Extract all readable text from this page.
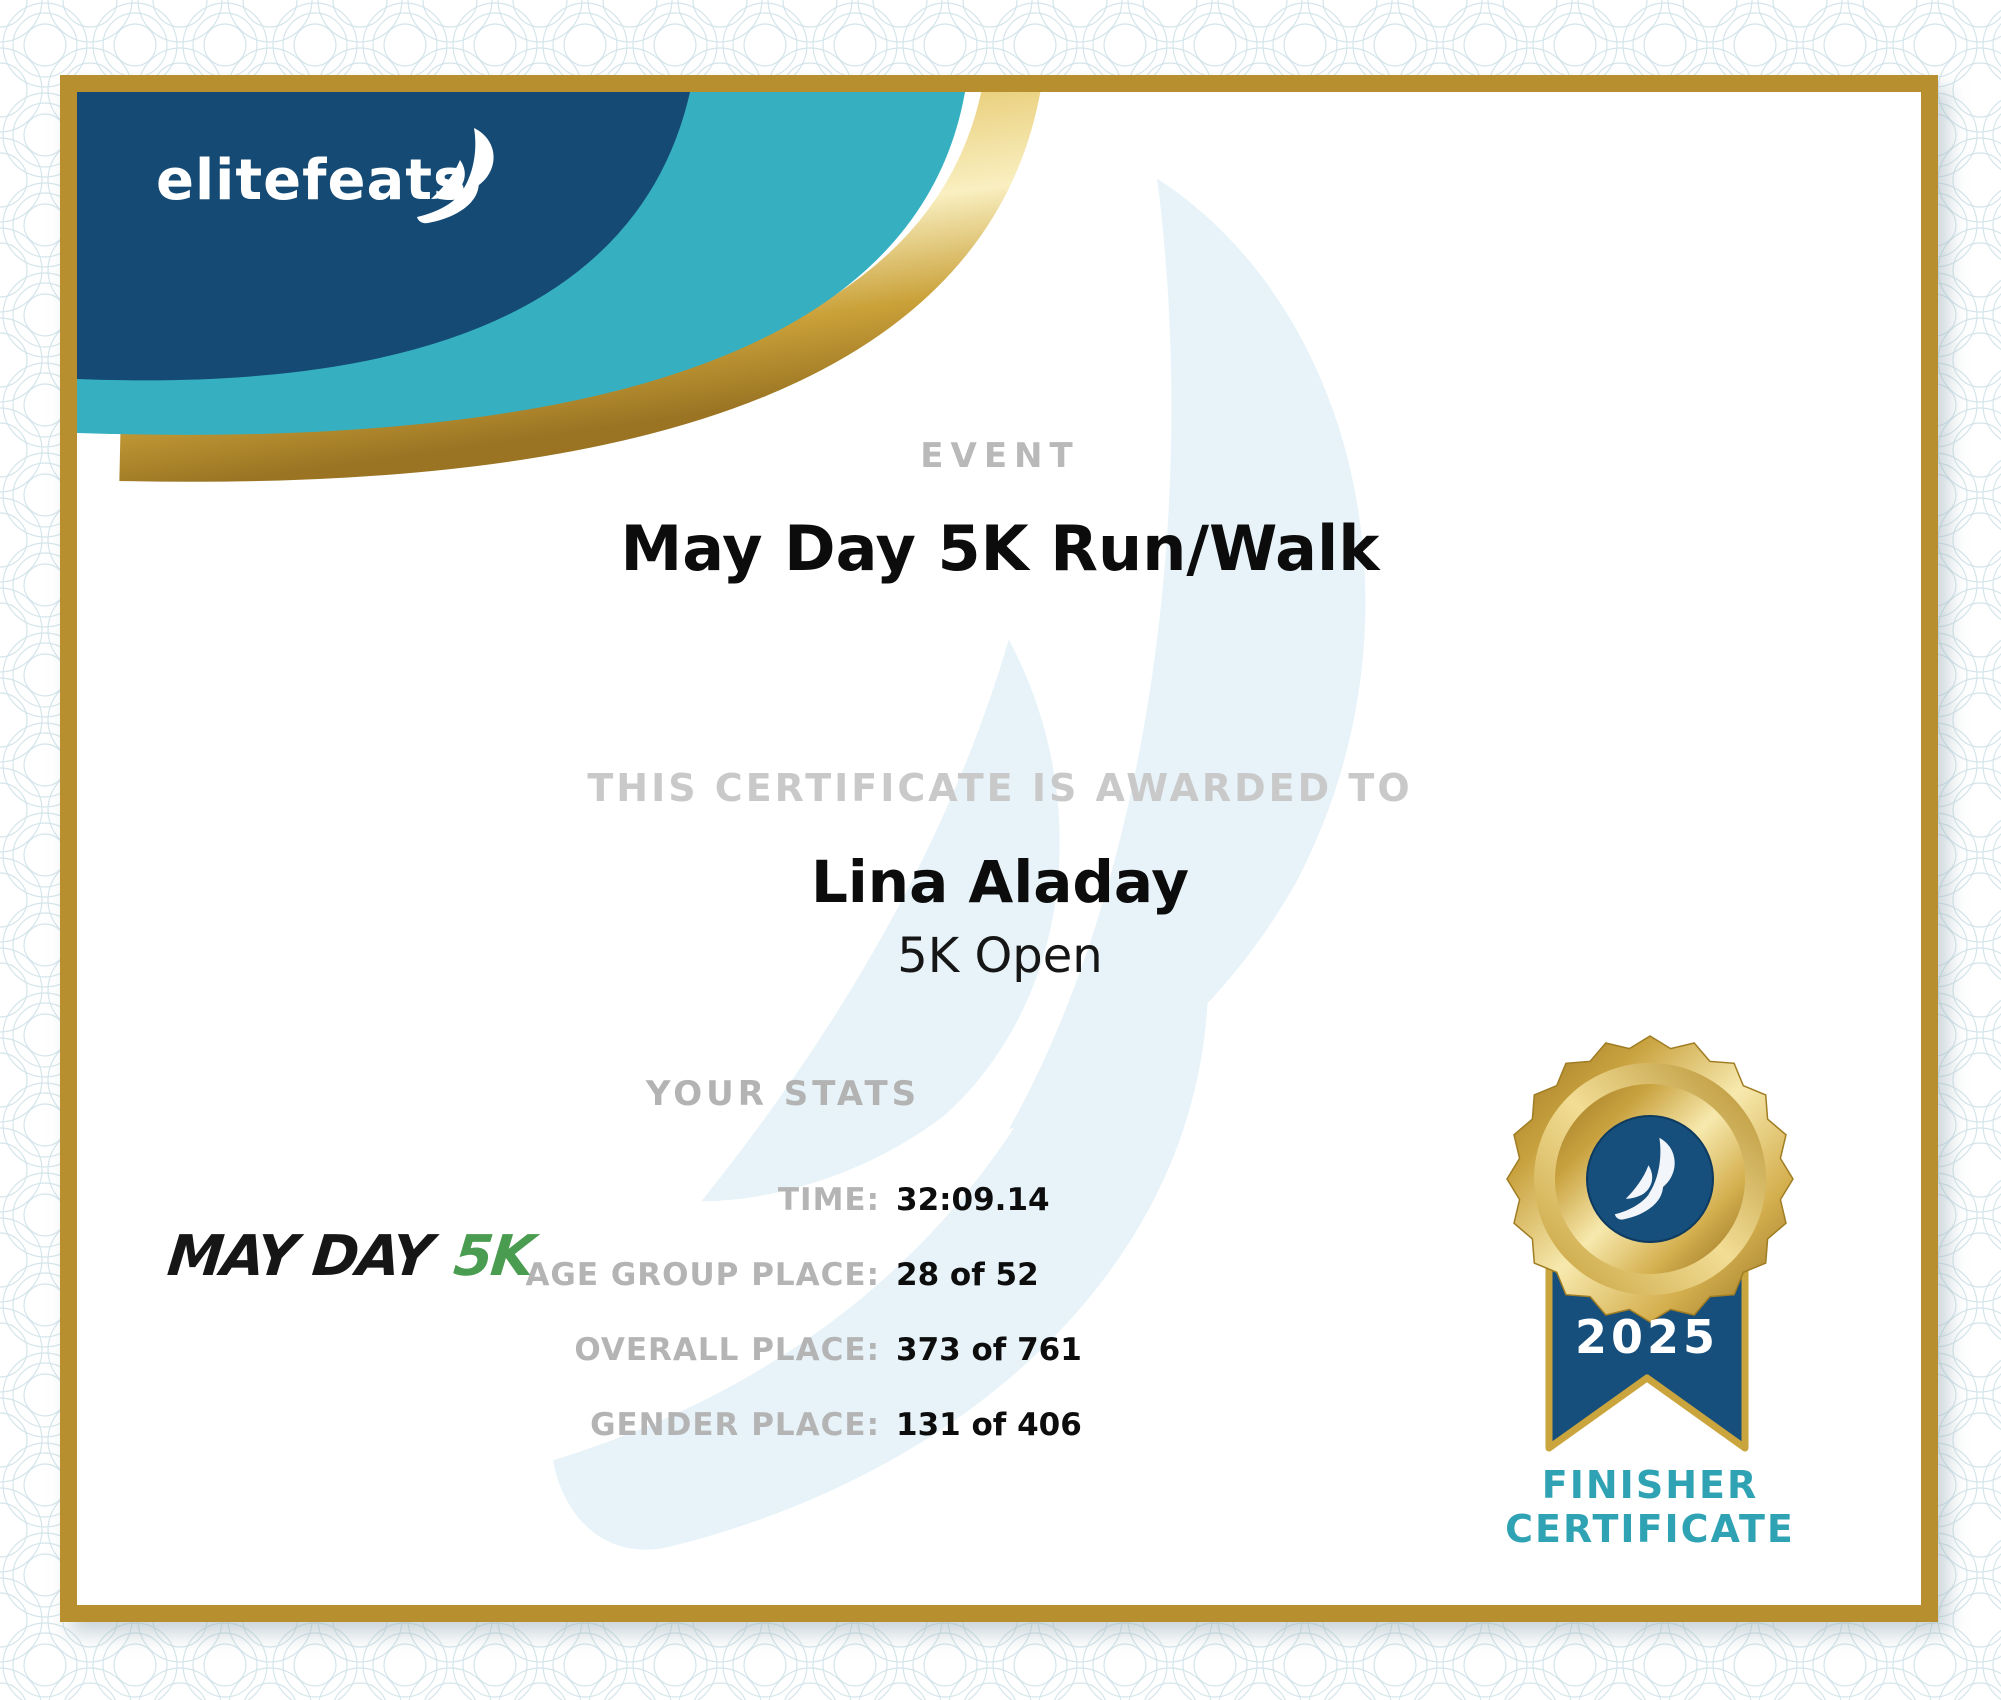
elitefeats
EVENT
May Day 5K Run/Walk
THIS CERTIFICATE IS AWARDED TO
Lina Aladay
5K Open
YOUR STATS
TIME: 32:09.14
AGE GROUP PLACE: 28 of 52
OVERALL PLACE: 373 of 761
GENDER PLACE: 131 of 406
MAY DAY 5K
2025
FINISHER
CERTIFICATE
